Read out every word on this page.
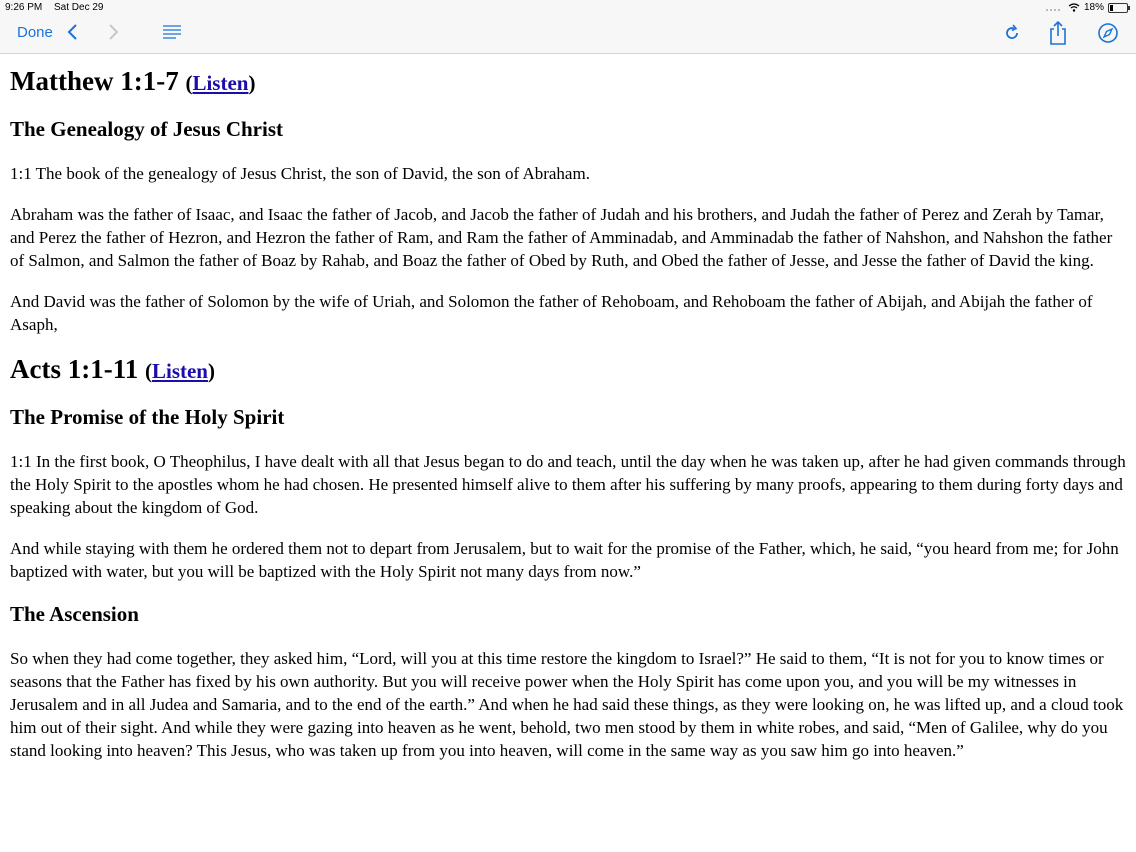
9:26 PM Sat Dec 29	18%
Done
Matthew 1:1-7 (Listen)
The Genealogy of Jesus Christ

1:1 The book of the genealogy of Jesus Christ, the son of David, the son of Abraham.

Abraham was the father of Isaac, and Isaac the father of Jacob, and Jacob the father of Judah and his brothers, and Judah the father of Perez and Zerah by Tamar, and Perez the father of Hezron, and Hezron the father of Ram, and Ram the father of Amminadab, and Amminadab the father of Nahshon, and Nahshon the father of Salmon, and Salmon the father of Boaz by Rahab, and Boaz the father of Obed by Ruth, and Obed the father of Jesse, and Jesse the father of David the king.

And David was the father of Solomon by the wife of Uriah, and Solomon the father of Rehoboam, and Rehoboam the father of Abijah, and Abijah the father of Asaph,

Acts 1:1-11 (Listen)
The Promise of the Holy Spirit

1:1 In the first book, O Theophilus, I have dealt with all that Jesus began to do and teach, until the day when he was taken up, after he had given commands through the Holy Spirit to the apostles whom he had chosen. He presented himself alive to them after his suffering by many proofs, appearing to them during forty days and speaking about the kingdom of God.

And while staying with them he ordered them not to depart from Jerusalem, but to wait for the promise of the Father, which, he said, “you heard from me; for John baptized with water, but you will be baptized with the Holy Spirit not many days from now.”

The Ascension

So when they had come together, they asked him, “Lord, will you at this time restore the kingdom to Israel?” He said to them, “It is not for you to know times or seasons that the Father has fixed by his own authority. But you will receive power when the Holy Spirit has come upon you, and you will be my witnesses in Jerusalem and in all Judea and Samaria, and to the end of the earth.” And when he had said these things, as they were looking on, he was lifted up, and a cloud took him out of their sight. And while they were gazing into heaven as he went, behold, two men stood by them in white robes, and said, “Men of Galilee, why do you stand looking into heaven? This Jesus, who was taken up from you into heaven, will come in the same way as you saw him go into heaven.”
